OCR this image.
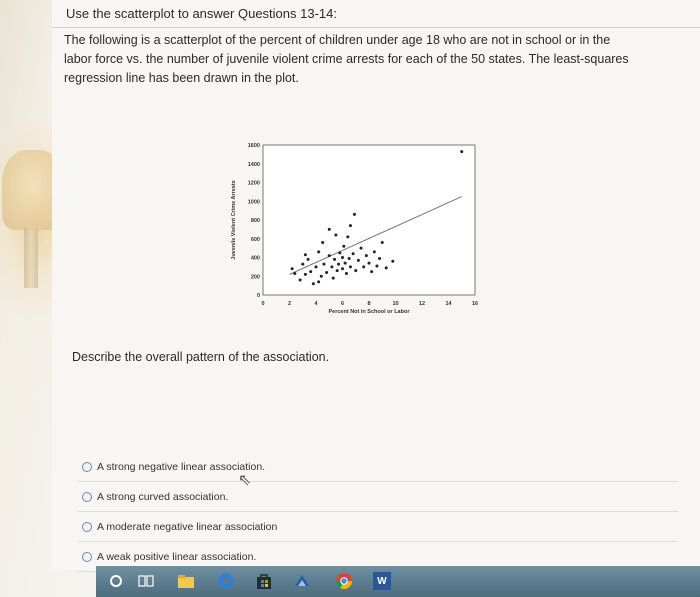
Use the scatterplot to answer Questions 13-14:
The following is a scatterplot of the percent of children under age 18 who are not in school or in the labor force vs. the number of juvenile violent crime arrests for each of the 50 states. The least-squares regression line has been drawn in the plot.
0	2	4	6	8	10	12	14	16
0
200
400
600
800
1000
1200
1400
1600
Percent Not in School or Labor
Juvenile Violent Crime Arrests
Describe the overall pattern of the association.
A strong negative linear association.
A strong curved association.
A moderate negative linear association
A weak positive linear association.
⇖
W
